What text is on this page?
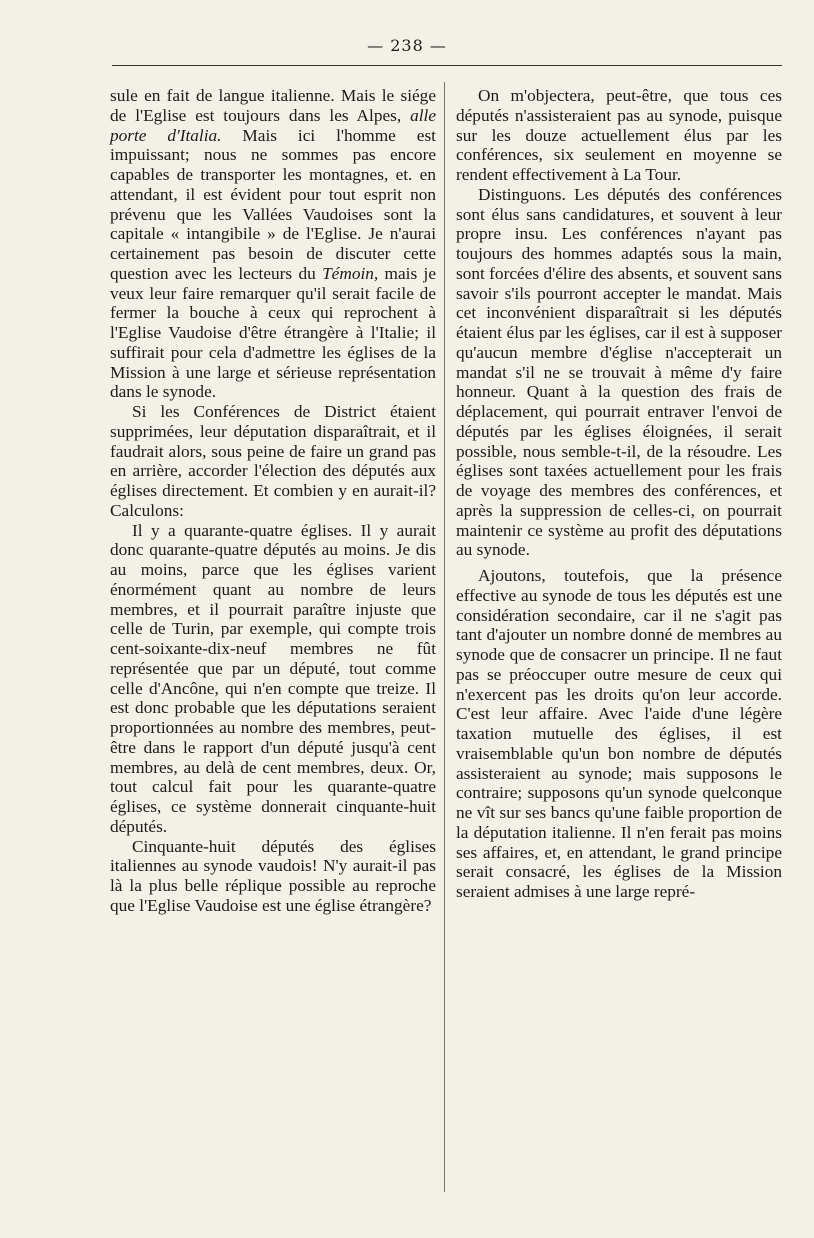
— 238 —

sule en fait de langue italienne. Mais le siége de l'Eglise est toujours dans les Alpes, alle porte d'Italia. Mais ici l'homme est impuissant; nous ne sommes pas encore capables de transporter les montagnes, et. en attendant, il est évident pour tout esprit non prévenu que les Vallées Vaudoises sont la capitale « intangibile » de l'Eglise. Je n'aurai certainement pas besoin de discuter cette question avec les lecteurs du Témoin, mais je veux leur faire remarquer qu'il serait facile de fermer la bouche à ceux qui reprochent à l'Eglise Vaudoise d'être étrangère à l'Italie; il suffirait pour cela d'admettre les églises de la Mission à une large et sérieuse représentation dans le synode.

Si les Conférences de District étaient supprimées, leur députation disparaîtrait, et il faudrait alors, sous peine de faire un grand pas en arrière, accorder l'élection des députés aux églises directement. Et combien y en aurait-il? Calculons:

Il y a quarante-quatre églises. Il y aurait donc quarante-quatre députés au moins. Je dis au moins, parce que les églises varient énormément quant au nombre de leurs membres, et il pourrait paraître injuste que celle de Turin, par exemple, qui compte trois cent-soixante-dix-neuf membres ne fût représentée que par un député, tout comme celle d'Ancône, qui n'en compte que treize. Il est donc probable que les députations seraient proportionnées au nombre des membres, peut-être dans le rapport d'un député jusqu'à cent membres, au delà de cent membres, deux. Or, tout calcul fait pour les quarante-quatre églises, ce système donnerait cinquante-huit députés.

Cinquante-huit députés des églises italiennes au synode vaudois! N'y aurait-il pas là la plus belle réplique possible au reproche que l'Eglise Vaudoise est une église étrangère?

On m'objectera, peut-être, que tous ces députés n'assisteraient pas au synode, puisque sur les douze actuellement élus par les conférences, six seulement en moyenne se rendent effectivement à La Tour.

Distinguons. Les députés des conférences sont élus sans candidatures, et souvent à leur propre insu. Les conférences n'ayant pas toujours des hommes adaptés sous la main, sont forcées d'élire des absents, et souvent sans savoir s'ils pourront accepter le mandat. Mais cet inconvénient disparaîtrait si les députés étaient élus par les églises, car il est à supposer qu'aucun membre d'église n'accepterait un mandat s'il ne se trouvait à même d'y faire honneur. Quant à la question des frais de déplacement, qui pourrait entraver l'envoi de députés par les églises éloignées, il serait possible, nous semble-t-il, de la résoudre. Les églises sont taxées actuellement pour les frais de voyage des membres des conférences, et après la suppression de celles-ci, on pourrait maintenir ce système au profit des députations au synode.

Ajoutons, toutefois, que la présence effective au synode de tous les députés est une considération secondaire, car il ne s'agit pas tant d'ajouter un nombre donné de membres au synode que de consacrer un principe. Il ne faut pas se préoccuper outre mesure de ceux qui n'exercent pas les droits qu'on leur accorde. C'est leur affaire. Avec l'aide d'une légère taxation mutuelle des églises, il est vraisemblable qu'un bon nombre de députés assisteraient au synode; mais supposons le contraire; supposons qu'un synode quelconque ne vît sur ses bancs qu'une faible proportion de la députation italienne. Il n'en ferait pas moins ses affaires, et, en attendant, le grand principe serait consacré, les églises de la Mission seraient admises à une large repré-
